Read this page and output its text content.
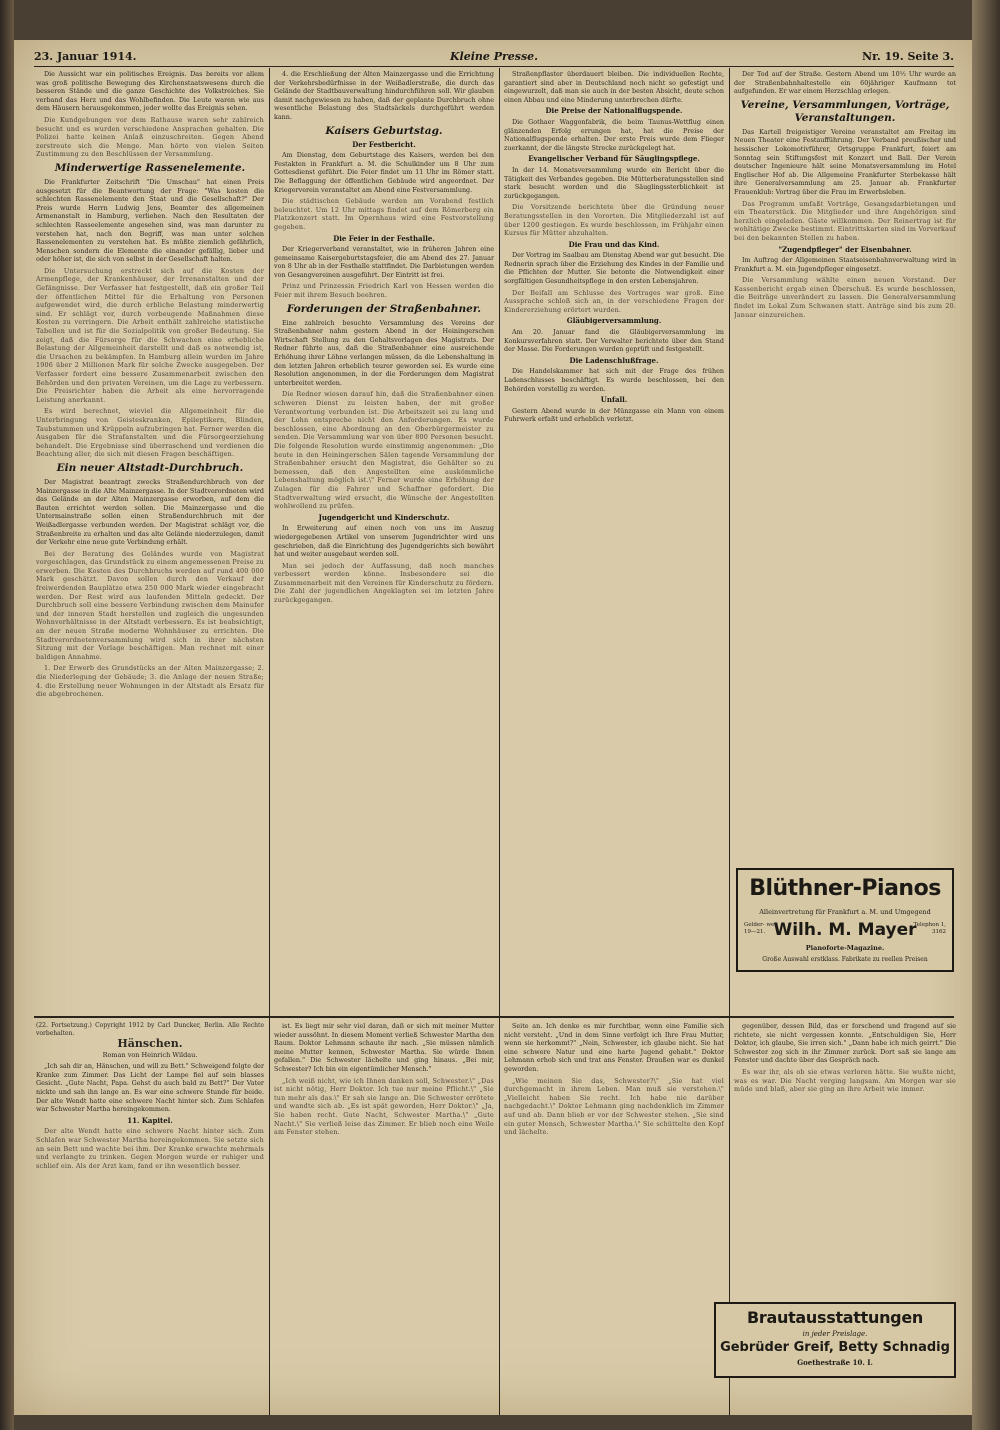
23. Januar 1914.	Kleine Presse.	Nr. 19. Seite 3.

Die Aussicht war ein politisches Ereignis. Das bereits vor allem was groß politische Bewegung des Kirchenstaatswesens durch die besseren Stände und die ganze Geschichte des Volkstreiches. Sie verband das Herz und das Wohlbefinden. Die Leute waren wie aus dem Häusern herausgekommen, jeder wollte das Ereignis sehen.

Die Kundgebungen vor dem Rathause waren sehr zahlreich besucht und es wurden verschiedene Ansprachen gehalten. Die Polizei hatte keinen Anlaß einzuschreiten. Gegen Abend zerstreute sich die Menge. Man hörte von vielen Seiten Zustimmung zu den Beschlüssen der Versammlung.

Minderwertige Rassenelemente.

Die Frankfurter Zeitschrift "Die Umschau" hat einen Preis ausgesetzt für die Beantwortung der Frage: "Was kosten die schlechten Rassenelemente den Staat und die Gesellschaft?" Der Preis wurde Herrn Ludwig Jens, Beamter des allgemeinen Armenanstalt in Hamburg, verliehen. Nach den Resultaten der schlechten Rasseelemente angesehen sind, was man darunter zu verstehen hat, nach den Begriff, was man unter solchen Rassenelementen zu verstehen hat. Es müßte ziemlich gefährlich, Menschen sondern die Elemente die einander gefällig, lieber und oder höher ist, die sich von selbst in der Gesellschaft halten.

Die Untersuchung erstreckt sich auf die Kosten der Armenpflege, der Krankenhäuser, der Irrenanstalten und der Gefängnisse. Der Verfasser hat festgestellt, daß ein großer Teil der öffentlichen Mittel für die Erhaltung von Personen aufgewendet wird, die durch erbliche Belastung minderwertig sind. Er schlägt vor, durch vorbeugende Maßnahmen diese Kosten zu verringern. Die Arbeit enthält zahlreiche statistische Tabellen und ist für die Sozialpolitik von großer Bedeutung. Sie zeigt, daß die Fürsorge für die Schwachen eine erhebliche Belastung der Allgemeinheit darstellt und daß es notwendig ist, die Ursachen zu bekämpfen. In Hamburg allein wurden im Jahre 1906 über 2 Millionen Mark für solche Zwecke ausgegeben. Der Verfasser fordert eine bessere Zusammenarbeit zwischen den Behörden und den privaten Vereinen, um die Lage zu verbessern. Die Preisrichter haben die Arbeit als eine hervorragende Leistung anerkannt.

Es wird berechnet, wieviel die Allgemeinheit für die Unterbringung von Geisteskranken, Epileptikern, Blinden, Taubstummen und Krüppeln aufzubringen hat. Ferner werden die Ausgaben für die Strafanstalten und die Fürsorgeerziehung behandelt. Die Ergebnisse sind überraschend und verdienen die Beachtung aller, die sich mit diesen Fragen beschäftigen.

Ein neuer Altstadt-Durchbruch.

Der Magistrat beantragt zwecks Straßendurchbruch von der Mainzergasse in die Alte Mainzergasse. In der Stadtverordneten wird das Gelände an der Alten Mainzergasse erworben, auf dem die Bauten errichtet werden sollen. Die Mainzergasse und die Untermainstraße sollen einen Straßendurchbruch mit der Weißadlergasse verbunden werden. Der Magistrat schlägt vor, die Straßenbreite zu erhalten und das alte Gelände niederzulegen, damit der Verkehr eine neue gute Verbindung erhält.

Bei der Beratung des Geländes wurde von Magistrat vorgeschlagen, das Grundstück zu einem angemessenen Preise zu erwerben. Die Kosten des Durchbruchs werden auf rund 400 000 Mark geschätzt. Davon sollen durch den Verkauf der freiwerdenden Bauplätze etwa 250 000 Mark wieder eingebracht werden. Der Rest wird aus laufenden Mitteln gedeckt. Der Durchbruch soll eine bessere Verbindung zwischen dem Mainufer und der inneren Stadt herstellen und zugleich die ungesunden Wohnverhältnisse in der Altstadt verbessern. Es ist beabsichtigt, an der neuen Straße moderne Wohnhäuser zu errichten. Die Stadtverordnetenversammlung wird sich in ihrer nächsten Sitzung mit der Vorlage beschäftigen. Man rechnet mit einer baldigen Annahme.

1. Der Erwerb des Grundstücks an der Alten Mainzergasse; 2. die Niederlegung der Gebäude; 3. die Anlage der neuen Straße; 4. die Erstellung neuer Wohnungen in der Altstadt als Ersatz für die abgebrochenen.

4. die Erschließung der Alten Mainzergasse und die Errichtung der Verkehrsbedürfnisse in der Weißadlerstraße, die durch das Gelände der Stadtbauverwaltung hindurchführen soll. Wir glauben damit nachgewiesen zu haben, daß der geplante Durchbruch ohne wesentliche Belastung des Stadtsäckels durchgeführt werden kann.

Kaisers Geburtstag.
Der Festbericht.

Am Dienstag, dem Geburtstage des Kaisers, werden bei den Festakten in Frankfurt a. M. die Schulkinder um 8 Uhr zum Gottesdienst geführt. Die Feier findet um 11 Uhr im Römer statt. Die Beflaggung der öffentlichen Gebäude wird angeordnet. Der Kriegerverein veranstaltet am Abend eine Festversammlung.

Die städtischen Gebäude werden am Vorabend festlich beleuchtet. Um 12 Uhr mittags findet auf dem Römerberg ein Platzkonzert statt. Im Opernhaus wird eine Festvorstellung gegeben.

Die Feier in der Festhalle.

Der Kriegerverband veranstaltet, wie in früheren Jahren eine gemeinsame Kaisergeburtstagsfeier, die am Abend des 27. Januar von 8 Uhr ab in der Festhalle stattfindet. Die Darbietungen werden von Gesangvereinen ausgeführt. Der Eintritt ist frei.

Prinz und Prinzessin Friedrich Karl von Hessen werden die Feier mit ihrem Besuch beehren.

Forderungen der Straßenbahner.

Eine zahlreich besuchte Versammlung des Vereins der Straßenbahner nahm gestern Abend in der Heiningerschen Wirtschaft Stellung zu den Gehaltsvorlagen des Magistrats. Der Redner führte aus, daß die Straßenbahner eine ausreichende Erhöhung ihrer Löhne verlangen müssen, da die Lebenshaltung in den letzten Jahren erheblich teurer geworden sei. Es wurde eine Resolution angenommen, in der die Forderungen dem Magistrat unterbreitet werden.

Die Redner wiesen darauf hin, daß die Straßenbahner einen schweren Dienst zu leisten haben, der mit großer Verantwortung verbunden ist. Die Arbeitszeit sei zu lang und der Lohn entspreche nicht den Anforderungen. Es wurde beschlossen, eine Abordnung an den Oberbürgermeister zu senden. Die Versammlung war von über 800 Personen besucht. Die folgende Resolution wurde einstimmig angenommen: „Die heute in den Heiningerschen Sälen tagende Versammlung der Straßenbahner ersucht den Magistrat, die Gehälter so zu bemessen, daß den Angestellten eine auskömmliche Lebenshaltung möglich ist.\" Ferner wurde eine Erhöhung der Zulagen für die Fahrer und Schaffner gefordert. Die Stadtverwaltung wird ersucht, die Wünsche der Angestellten wohlwollend zu prüfen.

Jugendgericht und Kinderschutz.

In Erweiterung auf einen noch von uns im Auszug wiedergegebenen Artikel von unserem Jugendrichter wird uns geschrieben, daß die Einrichtung des Jugendgerichts sich bewährt hat und weiter ausgebaut werden soll.

Man sei jedoch der Auffassung, daß noch manches verbessert werden könne. Insbesondere sei die Zusammenarbeit mit den Vereinen für Kinderschutz zu fördern. Die Zahl der jugendlichen Angeklagten sei im letzten Jahre zurückgegangen.

Straßenpflaster überdauert bleiben. Die individuellen Rechte, garantiert sind aber in Deutschland noch nicht so gefestigt und eingewurzelt, daß man sie auch in der besten Absicht, deute schon einen Abbau und eine Minderung unterbrechen dürfte.

Die Preise der Nationalflugspende.

Die Gothaer Waggonfabrik, die beim Taunus-Wettflug einen glänzenden Erfolg errungen hat, hat die Preise der Nationalflugspende erhalten. Der erste Preis wurde dem Flieger zuerkannt, der die längste Strecke zurückgelegt hat.

Evangelischer Verband für Säuglingspflege.

In der 14. Monatsversammlung wurde ein Bericht über die Tätigkeit des Verbandes gegeben. Die Mütterberatungsstellen sind stark besucht worden und die Säuglingssterblichkeit ist zurückgegangen.

Die Vorsitzende berichtete über die Gründung neuer Beratungsstellen in den Vororten. Die Mitgliederzahl ist auf über 1200 gestiegen. Es wurde beschlossen, im Frühjahr einen Kursus für Mütter abzuhalten.

Die Frau und das Kind.

Der Vortrag im Saalbau am Dienstag Abend war gut besucht. Die Rednerin sprach über die Erziehung des Kindes in der Familie und die Pflichten der Mutter. Sie betonte die Notwendigkeit einer sorgfältigen Gesundheitspflege in den ersten Lebensjahren.

Der Beifall am Schlusse des Vortrages war groß. Eine Aussprache schloß sich an, in der verschiedene Fragen der Kindererziehung erörtert wurden.

Gläubigerversammlung.

Am 20. Januar fand die Gläubigerversammlung im Konkursverfahren statt. Der Verwalter berichtete über den Stand der Masse. Die Forderungen wurden geprüft und festgestellt.

Die Ladenschlußfrage.

Die Handelskammer hat sich mit der Frage des frühen Ladenschlusses beschäftigt. Es wurde beschlossen, bei den Behörden vorstellig zu werden.

Unfall.

Gestern Abend wurde in der Münzgasse ein Mann von einem Fuhrwerk erfaßt und erheblich verletzt.

Der Tod auf der Straße. Gestern Abend um 10½ Uhr wurde an der Straßenbahnhaltestelle ein 60jähriger Kaufmann tot aufgefunden. Er war einem Herzschlag erlegen.

Vereine, Versammlungen, Vorträge, Veranstaltungen.

Das Kartell freigeistiger Vereine veranstaltet am Freitag im Neuen Theater eine Festaufführung. Der Verband preußischer und hessischer Lokomotivführer, Ortsgruppe Frankfurt, feiert am Sonntag sein Stiftungsfest mit Konzert und Ball. Der Verein deutscher Ingenieure hält seine Monatsversammlung im Hotel Englischer Hof ab. Die Allgemeine Frankfurter Sterbekasse hält ihre Generalversammlung am 25. Januar ab. Frankfurter Frauenklub: Vortrag über die Frau im Erwerbsleben.

Das Programm umfaßt Vorträge, Gesangsdarbietungen und ein Theaterstück. Die Mitglieder und ihre Angehörigen sind herzlich eingeladen. Gäste willkommen. Der Reinertrag ist für wohltätige Zwecke bestimmt. Eintrittskarten sind im Vorverkauf bei den bekannten Stellen zu haben.

"Zugendpfleger" der Eisenbahner.

Im Auftrag der Allgemeinen Staatseisenbahnverwaltung wird in Frankfurt a. M. ein Jugendpfleger eingesetzt.

Die Versammlung wählte einen neuen Vorstand. Der Kassenbericht ergab einen Überschuß. Es wurde beschlossen, die Beiträge unverändert zu lassen. Die Generalversammlung findet im Lokal Zum Schwanen statt. Anträge sind bis zum 20. Januar einzureichen.

Blüthner-Pianos
Alleinvertretung für Frankfurt a. M. und Umgegend
Gelder- weg 19—21. Wilh. M. Mayer
Telephon 1, 3162
Pianoforte-Magazine.
Große Auswahl erstklass. Fabrikate zu reellen Preisen
(22. Fortsetzung.) Copyright 1912 by Carl Duncker, Berlin. Alle Rechte vorbehalten.
Hänschen.
Roman von Heinrich Wildau.

„Ich sah dir an, Hänschen, und will zu Bett." Schweigend folgte der Kranke zum Zimmer. Das Licht der Lampe fiel auf sein blasses Gesicht. „Gute Nacht, Papa. Gehst du auch bald zu Bett?" Der Vater nickte und sah ihn lange an. Es war eine schwere Stunde für beide. Der alte Wendt hatte eine schwere Nacht hinter sich. Zum Schlafen war Schwester Martha hereingekommen.

11. Kapitel.

Der alte Wendt hatte eine schwere Nacht hinter sich. Zum Schlafen war Schwester Martha hereingekommen. Sie setzte sich an sein Bett und wachte bei ihm. Der Kranke erwachte mehrmals und verlangte zu trinken. Gegen Morgen wurde er ruhiger und schlief ein. Als der Arzt kam, fand er ihn wesentlich besser.

ist. Es liegt mir sehr viel daran, daß er sich mit meiner Mutter wieder aussöhnt. In diesem Moment verließ Schwester Martha den Raum. Doktor Lehmann schaute ihr nach. „Sie müssen nämlich meine Mutter kennen, Schwester Martha. Sie würde Ihnen gefallen." Die Schwester lächelte und ging hinaus. „Bei mir, Schwester? Ich bin ein eigentümlicher Mensch."

„Ich weiß nicht, wie ich Ihnen danken soll, Schwester.\" „Das ist nicht nötig, Herr Doktor. Ich tue nur meine Pflicht.\" „Sie tun mehr als das.\" Er sah sie lange an. Die Schwester errötete und wandte sich ab. „Es ist spät geworden, Herr Doktor.\" „Ja, Sie haben recht. Gute Nacht, Schwester Martha.\" „Gute Nacht.\" Sie verließ leise das Zimmer. Er blieb noch eine Weile am Fenster stehen.

Seite an. Ich denke es mir furchtbar, wenn eine Familie sich nicht versteht. „Und in dem Sinne verfolgt ich Ihre Frau Mutter, wenn sie herkommt?" „Nein, Schwester, ich glaube nicht. Sie hat eine schwere Natur und eine harte Jugend gehabt." Doktor Lehmann erhob sich und trat ans Fenster. Draußen war es dunkel geworden.

„Wie meinen Sie das, Schwester?\" „Sie hat viel durchgemacht in ihrem Leben. Man muß sie verstehen.\" „Vielleicht haben Sie recht. Ich habe nie darüber nachgedacht.\" Doktor Lehmann ging nachdenklich im Zimmer auf und ab. Dann blieb er vor der Schwester stehen. „Sie sind ein guter Mensch, Schwester Martha.\" Sie schüttelte den Kopf und lächelte.

gegenüber, dessen Bild, das er forschend und fragend auf sie richtete, sie nicht vergessen konnte. „Entschuldigen Sie, Herr Doktor, ich glaube, Sie irren sich." „Dann habe ich mich geirrt." Die Schwester zog sich in ihr Zimmer zurück. Dort saß sie lange am Fenster und dachte über das Gespräch nach.

Es war ihr, als ob sie etwas verloren hätte. Sie wußte nicht, was es war. Die Nacht verging langsam. Am Morgen war sie müde und blaß, aber sie ging an ihre Arbeit wie immer.

Brautausstattungen
in jeder Preislage.
Gebrüder Greif, Betty Schnadig
Goethestraße 10. I.
